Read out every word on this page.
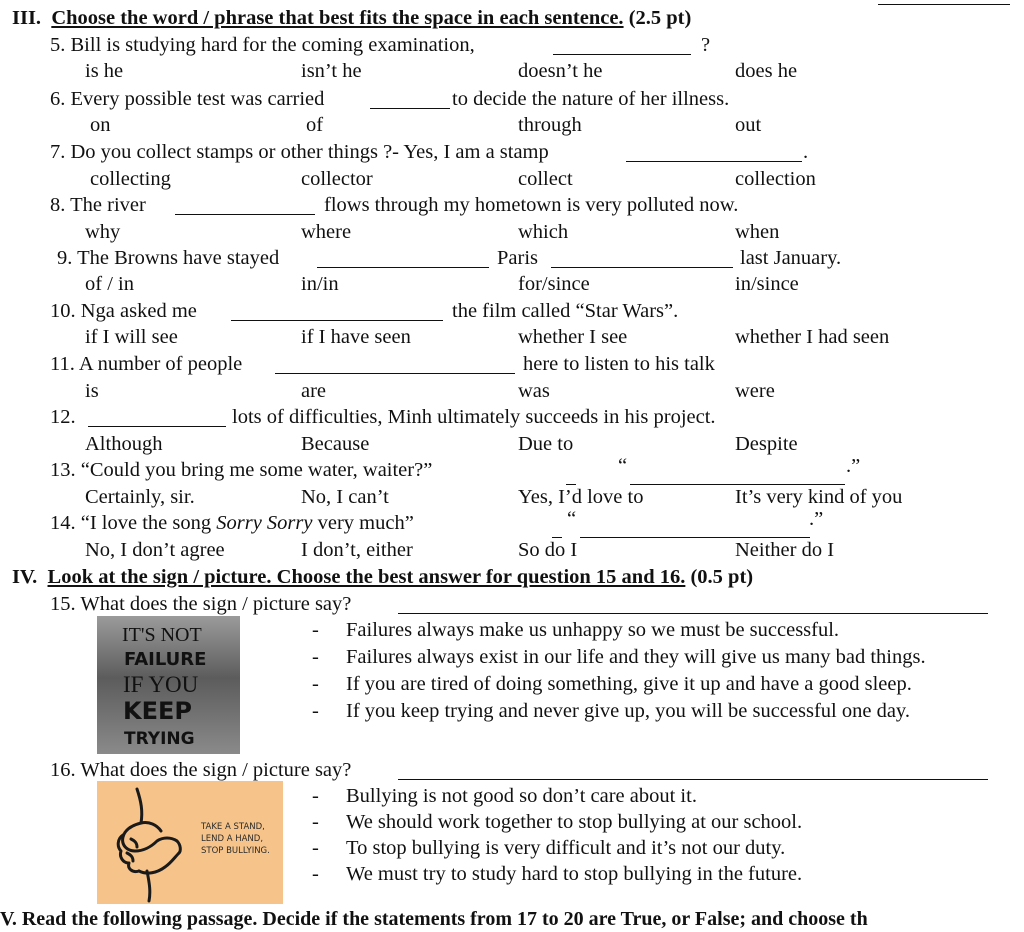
III. Choose the word / phrase that best fits the space in each sentence. (2.5 pt)
5. Bill is studying hard for the coming examination,	?
is he	isn’t he	doesn’t he	does he
6. Every possible test was carried	to decide the nature of her illness.
on	of	through	out
7. Do you collect stamps or other things ?- Yes, I am a stamp	.
collecting	collector	collect	collection
8. The river	flows through my hometown is very polluted now.
why	where	which	when
9. The Browns have stayed	Paris	last January.
of / in	in/in	for/since	in/since
10. Nga asked me	the film called “Star Wars”.
if I will see	if I have seen	whether I see	whether I had seen
11. A number of people	here to listen to his talk
is	are	was	were
12.	lots of difficulties, Minh ultimately succeeds in his project.
Although	Because	Due to	Despite
13. “Could you bring me some water, waiter?”	“	.”
Certainly, sir.	No, I can’t	Yes, I’d love to	It’s very kind of you
14. “I love the song Sorry Sorry very much”	“	.”
No, I don’t agree	I don’t, either	So do I	Neither do I
IV. Look at the sign / picture. Choose the best answer for question 15 and 16. (0.5 pt)
15. What does the sign / picture say?
IT'S NOT
FAILURE
IF YOU
KEEP
TRYING
- Failures always make us unhappy so we must be successful.
- Failures always exist in our life and they will give us many bad things.
- If you are tired of doing something, give it up and have a good sleep.
- If you keep trying and never give up, you will be successful one day.
16. What does the sign / picture say?
TAKE A STAND,
LEND A HAND,
STOP BULLYING.
- Bullying is not good so don’t care about it.
- We should work together to stop bullying at our school.
- To stop bullying is very difficult and it’s not our duty.
- We must try to study hard to stop bullying in the future.
V. Read the following passage. Decide if the statements from 17 to 20 are True, or False; and choose th
